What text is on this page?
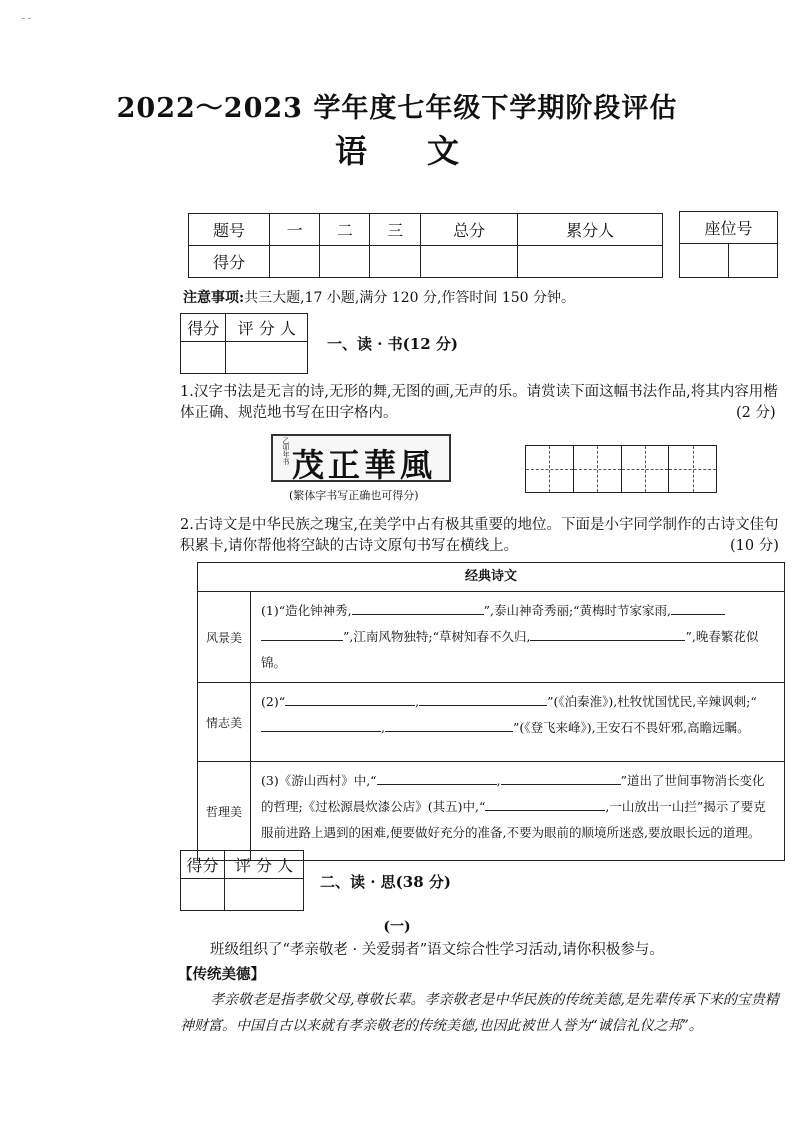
- -
2022～2023 学年度七年级下学期阶段评估
语文
题号	一	二	三	总分	累分人
得分					
座位号

注意事项:共三大题,17 小题,满分 120 分,作答时间 150 分钟。
得分	评 分 人

一、读 · 书(12 分)
1.汉字书法是无言的诗,无形的舞,无图的画,无声的乐。请赏读下面这幅书法作品,将其内容用楷体正确、规范地书写在田字格内。	(2 分)
乙卯年书 茂正華風
(繁体字书写正确也可得分)
2.古诗文是中华民族之瑰宝,在美学中占有极其重要的地位。下面是小宇同学制作的古诗文佳句积累卡,请你帮他将空缺的古诗文原句书写在横线上。	(10 分)
经典诗文
风景美
(1)“造化钟神秀,	”,泰山神奇秀丽;“黄梅时节家家雨,”,江南风物独特;“草树知春不久归,	”,晚春繁花似锦。
情志美
(2)“	,	”(《泊秦淮》),杜牧忧国忧民,辛辣讽刺;“,	”(《登飞来峰》),王安石不畏奸邪,高瞻远瞩。
哲理美
(3)《游山西村》中,“	,	”道出了世间事物消长变化的哲理;《过松源晨炊漆公店》(其五)中,“	,一山放出一山拦”揭示了要克服前进路上遇到的困难,便要做好充分的准备,不要为眼前的顺境所迷惑,要放眼长远的道理。
得分	评 分 人

二、读 · 思(38 分)
(一)
班级组织了“孝亲敬老 · 关爱弱者”语文综合性学习活动,请你积极参与。
【传统美德】
孝亲敬老是指孝敬父母,尊敬长辈。孝亲敬老是中华民族的传统美德,是先辈传承下来的宝贵精神财富。中国自古以来就有孝亲敬老的传统美德,也因此被世人誉为“诚信礼仪之邦”。
